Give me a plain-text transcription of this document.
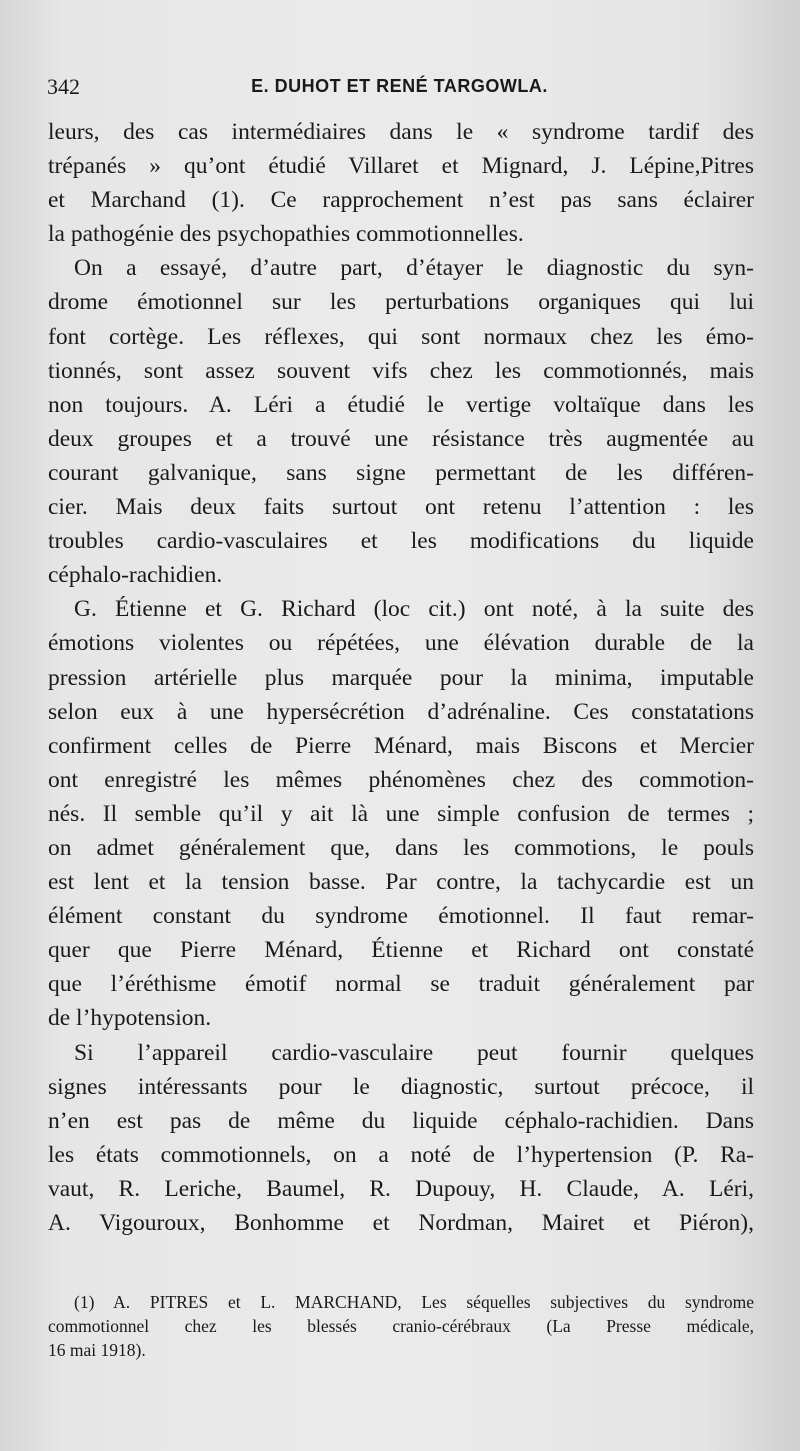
342	E. DUHOT ET RENÉ TARGOWLA.
leurs, des cas intermédiaires dans le « syndrome tardif des
trépanés » qu’ont étudié Villaret et Mignard, J. Lépine,Pitres
et Marchand (1). Ce rapprochement n’est pas sans éclairer
la pathogénie des psychopathies commotionnelles.
On a essayé, d’autre part, d’étayer le diagnostic du syn-
drome émotionnel sur les perturbations organiques qui lui
font cortège. Les réflexes, qui sont normaux chez les émo-
tionnés, sont assez souvent vifs chez les commotionnés, mais
non toujours. A. Léri a étudié le vertige voltaïque dans les
deux groupes et a trouvé une résistance très augmentée au
courant galvanique, sans signe permettant de les différen-
cier. Mais deux faits surtout ont retenu l’attention : les
troubles cardio-vasculaires et les modifications du liquide
céphalo-rachidien.
G. Étienne et G. Richard (loc cit.) ont noté, à la suite des
émotions violentes ou répétées, une élévation durable de la
pression artérielle plus marquée pour la minima, imputable
selon eux à une hypersécrétion d’adrénaline. Ces constatations
confirment celles de Pierre Ménard, mais Biscons et Mercier
ont enregistré les mêmes phénomènes chez des commotion-
nés. Il semble qu’il y ait là une simple confusion de termes ;
on admet généralement que, dans les commotions, le pouls
est lent et la tension basse. Par contre, la tachycardie est un
élément constant du syndrome émotionnel. Il faut remar-
quer que Pierre Ménard, Étienne et Richard ont constaté
que l’éréthisme émotif normal se traduit généralement par
de l’hypotension.
Si l’appareil cardio-vasculaire peut fournir quelques
signes intéressants pour le diagnostic, surtout précoce, il
n’en est pas de même du liquide céphalo-rachidien. Dans
les états commotionnels, on a noté de l’hypertension (P. Ra-
vaut, R. Leriche, Baumel, R. Dupouy, H. Claude, A. Léri,
A. Vigouroux, Bonhomme et Nordman, Mairet et Piéron),
(1) A. PITRES et L. MARCHAND, Les séquelles subjectives du syndrome
commotionnel chez les blessés cranio-cérébraux (La Presse médicale,
16 mai 1918).
